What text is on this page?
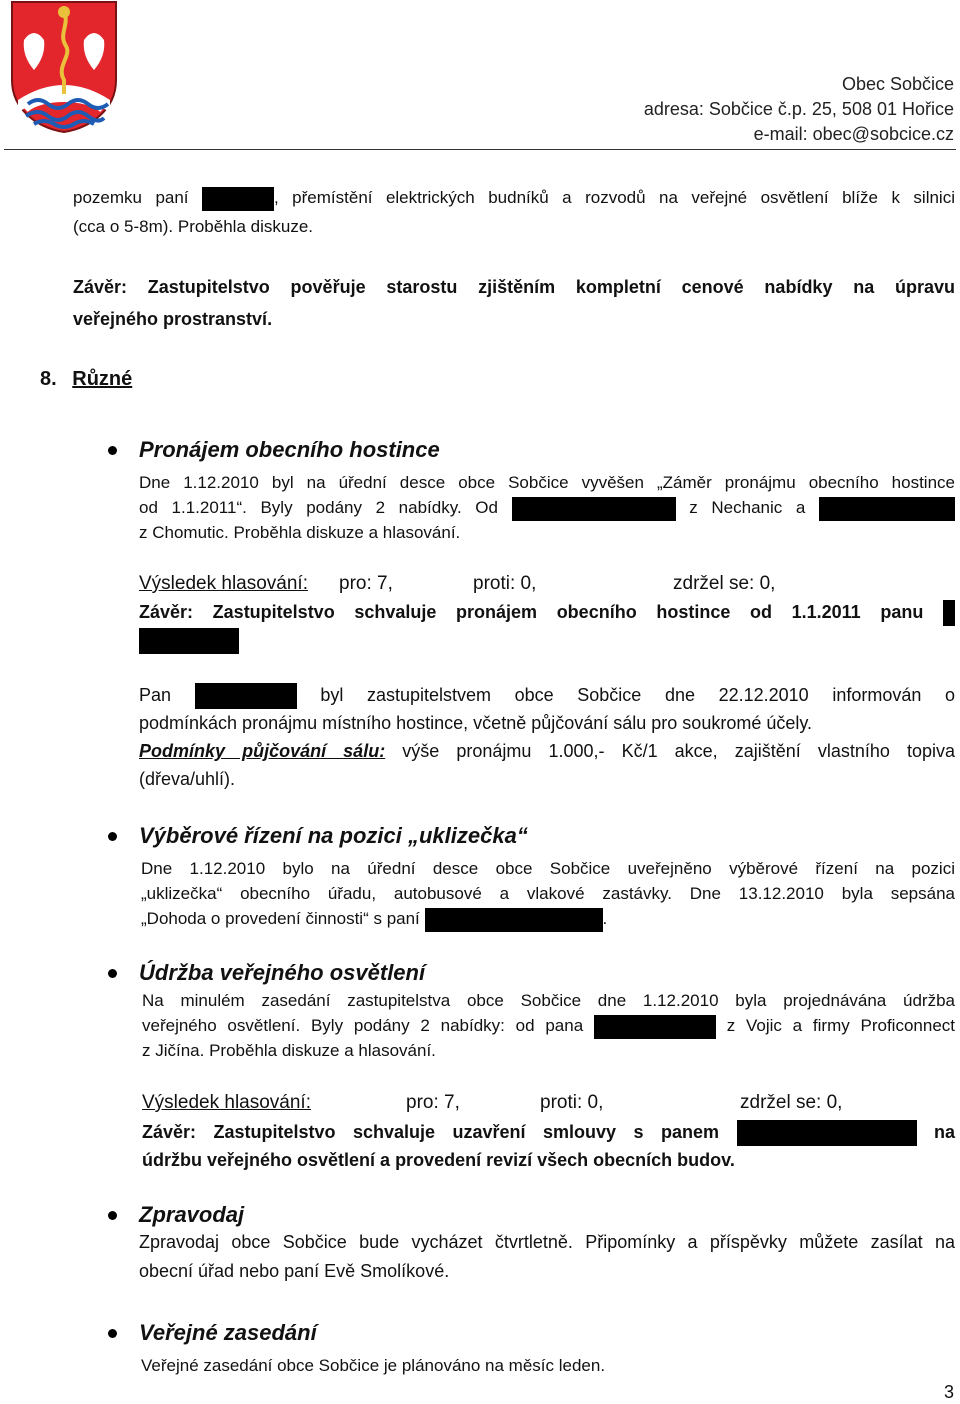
Obec Sobčice
adresa: Sobčice č.p. 25, 508 01 Hořice
e-mail: obec@sobcice.cz
pozemku paní	, přemístění elektrických budníků a rozvodů na veřejné osvětlení blíže k silnici
(cca o 5-8m). Proběhla diskuze.
Závěr: Zastupitelstvo pověřuje starostu zjištěním kompletní cenové nabídky na úpravu
veřejného prostranství.
8. Různé
Pronájem obecního hostince
Dne 1.12.2010 byl na úřední desce obce Sobčice vyvěšen „Záměr pronájmu obecního hostince
od 1.1.2011“. Byly podány 2 nabídky. Od	z Nechanic a
z Chomutic. Proběhla diskuze a hlasování.
Výsledek hlasování: pro: 7,	proti: 0,	zdržel se: 0,
Závěr: Zastupitelstvo schvaluje pronájem obecního hostince od 1.1.2011 panu
Pan	byl zastupitelstvem obce Sobčice dne 22.12.2010 informován o
podmínkách pronájmu místního hostince, včetně půjčování sálu pro soukromé účely.
Podmínky půjčování sálu: výše pronájmu 1.000,- Kč/1 akce, zajištění vlastního topiva
(dřeva/uhlí).
Výběrové řízení na pozici „uklizečka“
Dne 1.12.2010 bylo na úřední desce obce Sobčice uveřejněno výběrové řízení na pozici
„uklizečka“ obecního úřadu, autobusové a vlakové zastávky. Dne 13.12.2010 byla sepsána
„Dohoda o provedení činnosti“ s paní	.
Údržba veřejného osvětlení
Na minulém zasedání zastupitelstva obce Sobčice dne 1.12.2010 byla projednávána údržba
veřejného osvětlení. Byly podány 2 nabídky: od pana	z Vojic a firmy Proficonnect
z Jičína. Proběhla diskuze a hlasování.
Výsledek hlasování:	pro: 7,	proti: 0,	zdržel se: 0,
Závěr: Zastupitelstvo schvaluje uzavření smlouvy s panem	na
údržbu veřejného osvětlení a provedení revizí všech obecních budov.
Zpravodaj
Zpravodaj obce Sobčice bude vycházet čtvrtletně. Připomínky a příspěvky můžete zasílat na
obecní úřad nebo paní Evě Smolíkové.
Veřejné zasedání
Veřejné zasedání obce Sobčice je plánováno na měsíc leden.
3
